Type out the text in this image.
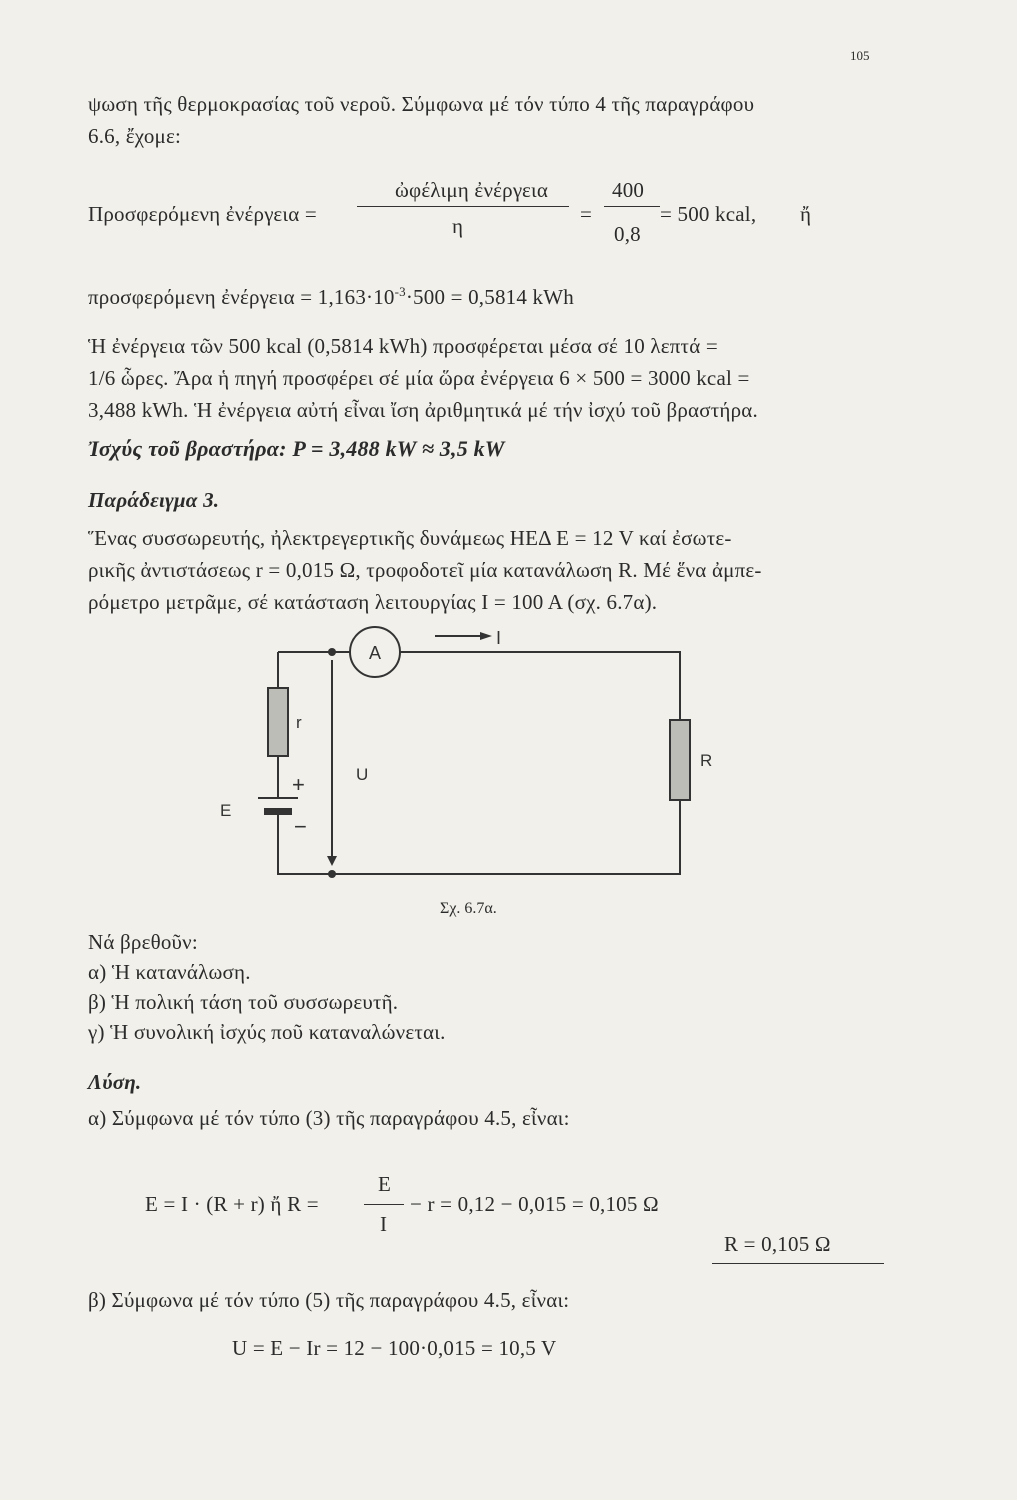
105
ψωση τῆς θερμοκρασίας τοῦ νεροῦ. Σύμφωνα μέ τόν τύπο 4 τῆς παραγράφου
6.6, ἔχομε:
Προσφερόμενη ἐνέργεια =
ὠφέλιμη ἐνέργεια
η	=
400
0,8
= 500 kcal, ἤ
προσφερόμενη ἐνέργεια = $1,163\cdot 10^{-3}\cdot 500 = 0,5814$ kWh
Ἡ ἐνέργεια τῶν 500 kcal (0,5814 kWh) προσφέρεται μέσα σέ 10 λεπτά =
1/6 ὧρες. Ἄρα ἡ πηγή προσφέρει σέ μία ὥρα ἐνέργεια 6 × 500 = 3000 kcal =
3,488 kWh. Ἡ ἐνέργεια αὐτή εἶναι ἴση ἀριθμητικά μέ τήν ἰσχύ τοῦ βραστήρα.
Ἰσχύς τοῦ βραστήρα: P = 3,488 kW ≈ 3,5 kW
Παράδειγμα 3.
Ἕνας συσσωρευτής, ἠλεκτρεγερτικῆς δυνάμεως ΗΕΔ E = 12 V καί ἐσωτε-
ρικῆς ἀντιστάσεως r = 0,015 Ω, τροφοδοτεῖ μία κατανάλωση R. Μέ ἕνα ἀμπε-
ρόμετρο μετρᾶμε, σέ κατάσταση λειτουργίας I = 100 A (σχ. 6.7α).
A
I
r
+
−
E
U
R
Σχ. 6.7α.
Νά βρεθοῦν:
α) Ἡ κατανάλωση.
β) Ἡ πολική τάση τοῦ συσσωρευτῆ.
γ) Ἡ συνολική ἰσχύς ποῦ καταναλώνεται.
Λύση.
α) Σύμφωνα μέ τόν τύπο (3) τῆς παραγράφου 4.5, εἶναι:
E = I · (R + r) ἤ R =
E
I
− r = 0,12 − 0,015 = 0,105 Ω
R = 0,105 Ω
β) Σύμφωνα μέ τόν τύπο (5) τῆς παραγράφου 4.5, εἶναι:
U = E − Ir = 12 − 100·0,015 = 10,5 V
